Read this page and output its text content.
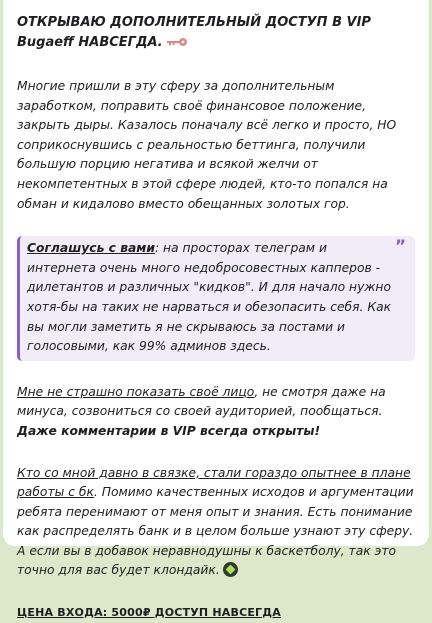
ОТКРЫВАЮ ДОПОЛНИТЕЛЬНЫЙ ДОСТУП В VIP Bugaeff НАВСЕГДА.

Многие пришли в эту сферу за дополнительным заработком, поправить своё финансовое положение, закрыть дыры. Казалось поначалу всё легко и просто, НО соприкоснувшись с реальностью беттинга, получили большую порцию негатива и всякой желчи от некомпетентных в этой сфере людей, кто-то попался на обман и кидалово вместо обещанных золотых гор.

”
Соглашусь с вами: на просторах телеграм и интернета очень много недобросовестных капперов - дилетантов и различных "кидков". И для начало нужно хотя-бы на таких не нарваться и обезопасить себя. Как вы могли заметить я не скрываюсь за постами и голосовыми, как 99% админов здесь.

Мне не страшно показать своё лицо, не смотря даже на минуса, созвониться со своей аудиторией, пообщаться. Даже комментарии в VIP всегда открыты!

Кто со мной давно в связке, стали гораздо опытнее в плане работы с бк. Помимо качественных исходов и аргументации ребята перенимают от меня опыт и знания. Есть понимание как распределять банк и в целом больше узнают эту сферу. А если вы в добавок неравнодушны к баскетболу, так это точно для вас будет клондайк.

ЦЕНА ВХОДА: 5000₽ ДОСТУП НАВСЕГДА
